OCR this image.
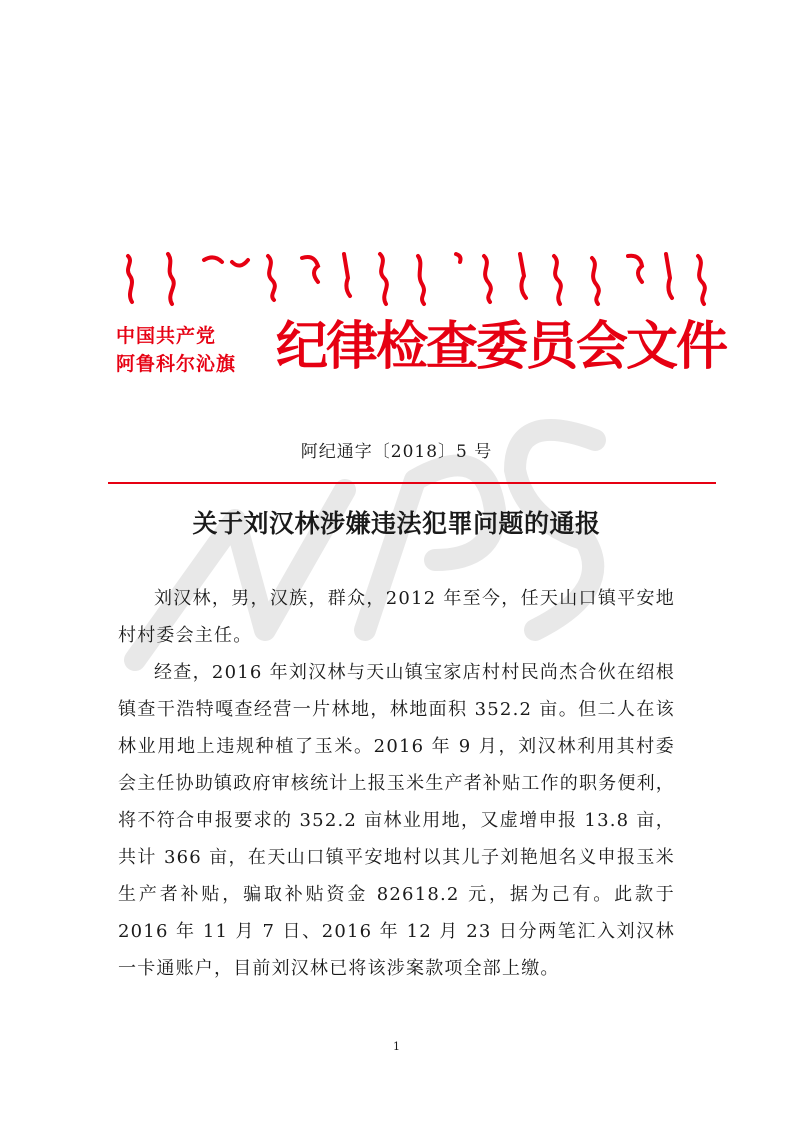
中国共产党
阿鲁科尔沁旗 纪律检查委员会文件
阿纪通字〔2018〕5 号
关于刘汉林涉嫌违法犯罪问题的通报

刘汉林，男，汉族，群众，2012 年至今，任天山口镇平安地村村委会主任。

经查，2016 年刘汉林与天山镇宝家店村村民尚杰合伙在绍根镇查干浩特嘎查经营一片林地，林地面积 352.2 亩。但二人在该林业用地上违规种植了玉米。2016 年 9 月，刘汉林利用其村委会主任协助镇政府审核统计上报玉米生产者补贴工作的职务便利，将不符合申报要求的 352.2 亩林业用地，又虚增申报 13.8 亩，共计 366 亩，在天山口镇平安地村以其儿子刘艳旭名义申报玉米生产者补贴，骗取补贴资金 82618.2 元，据为己有。此款于 2016 年 11 月 7 日、2016 年 12 月 23 日分两笔汇入刘汉林一卡通账户，目前刘汉林已将该涉案款项全部上缴。

1
